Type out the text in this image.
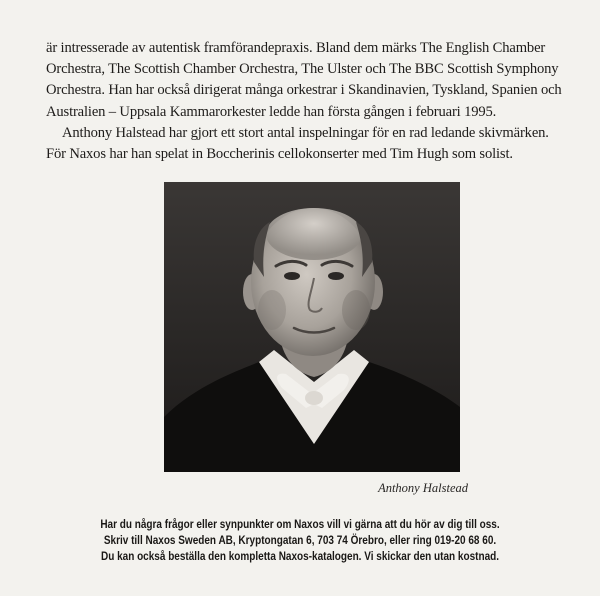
är intresserade av autentisk framförandepraxis. Bland dem märks The English Chamber Orchestra, The Scottish Chamber Orchestra, The Ulster och The BBC Scottish Symphony Orchestra. Han har också dirigerat många orkestrar i Skandinavien, Tyskland, Spanien och Australien – Uppsala Kammarorkester ledde han första gången i februari 1995.

Anthony Halstead har gjort ett stort antal inspelningar för en rad ledande skivmärken. För Naxos har han spelat in Boccherinis cellokonserter med Tim Hugh som solist.

Anthony Halstead
Har du några frågor eller synpunkter om Naxos vill vi gärna att du hör av dig till oss.
Skriv till Naxos Sweden AB, Kryptongatan 6, 703 74 Örebro, eller ring 019-20 68 60.
Du kan också beställa den kompletta Naxos-katalogen. Vi skickar den utan kostnad.
